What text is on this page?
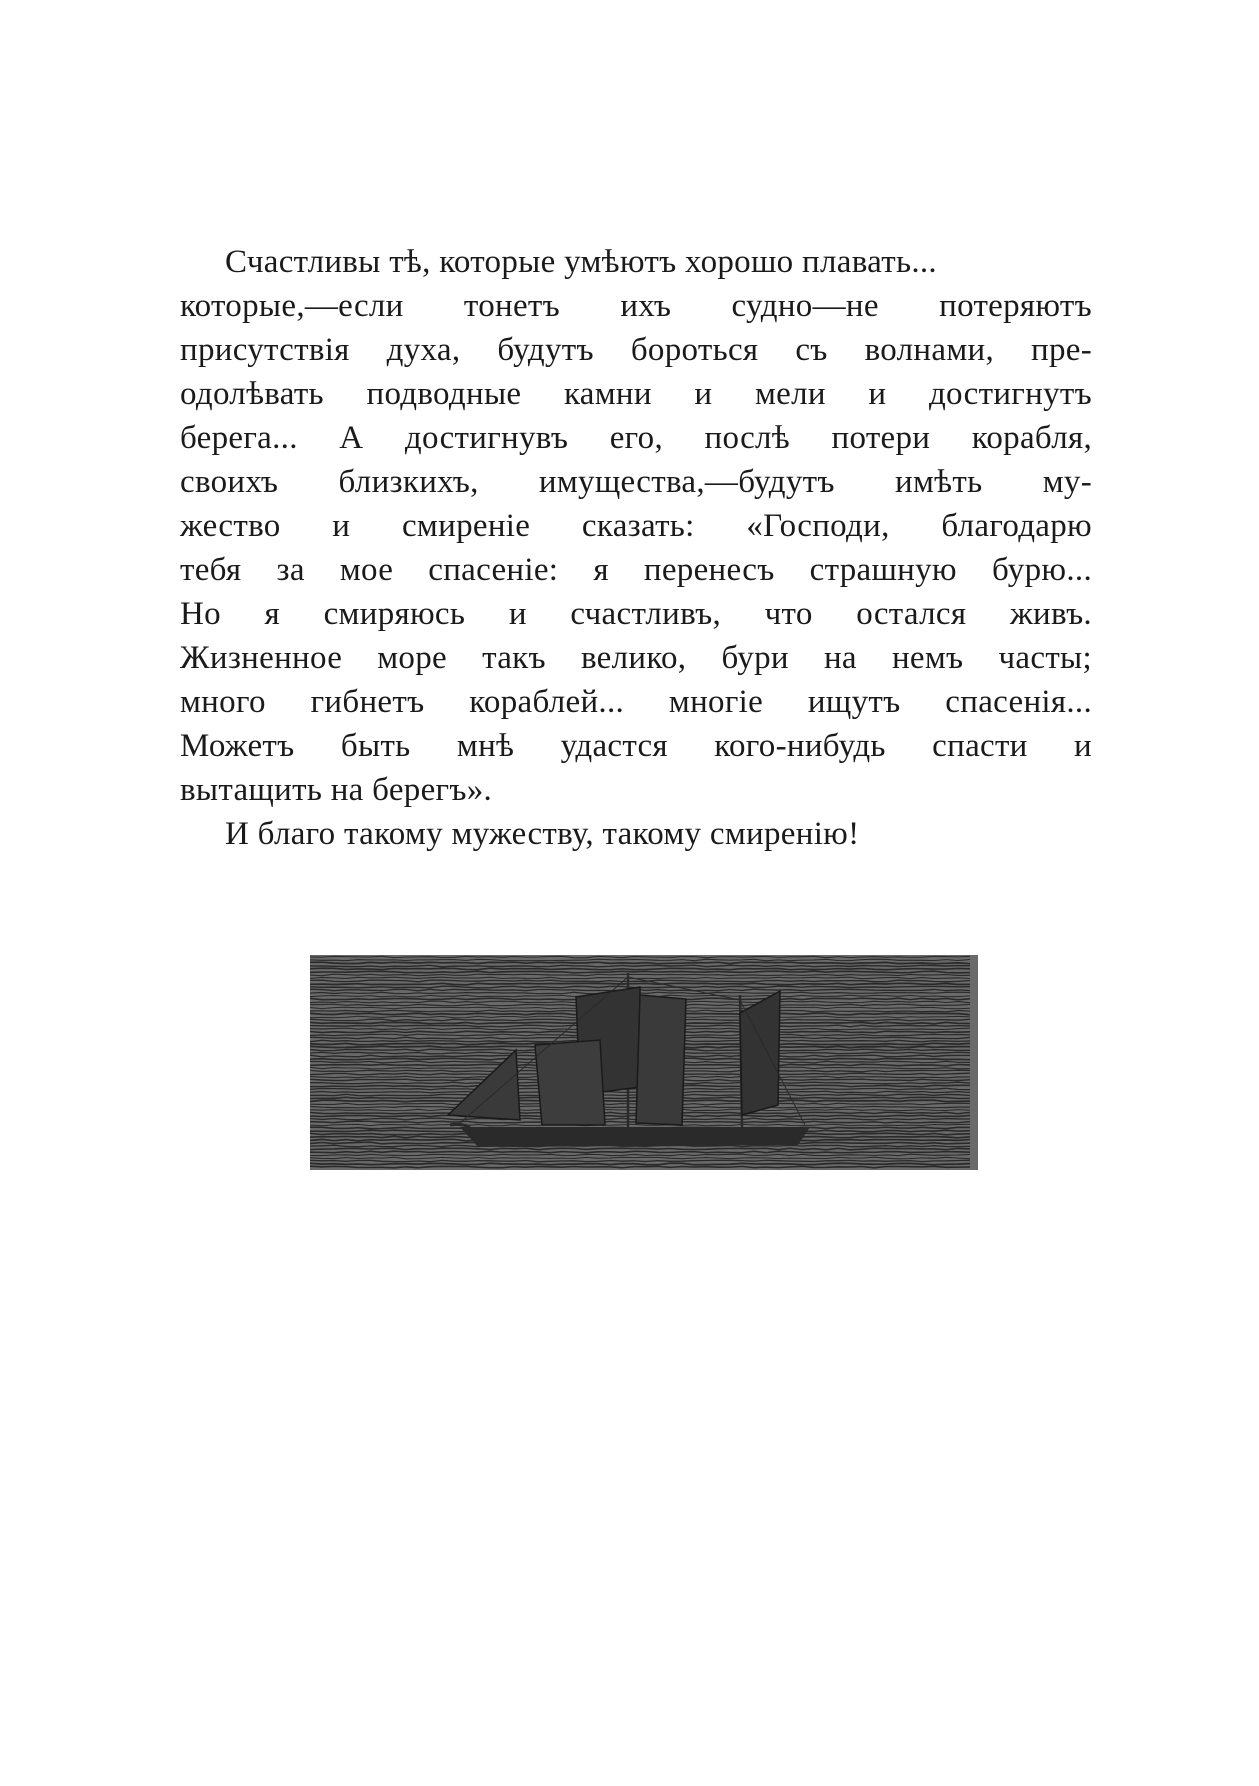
Счастливы тѣ, которые умѣютъ хорошо плавать...
которые,—если тонетъ ихъ судно—не потеряютъ
присутствія духа, будутъ бороться съ волнами, пре-
одолѣвать подводные камни и мели и достигнутъ
берега... А достигнувъ его, послѣ потери корабля,
своихъ близкихъ, имущества,—будутъ имѣть му-
жество и смиреніе сказать: «Господи, благодарю
тебя за мое спасеніе: я перенесъ страшную бурю...
Но я смиряюсь и счастливъ, что остался живъ.
Жизненное море такъ велико, бури на немъ часты;
много гибнетъ кораблей... многіе ищутъ спасенія...
Можетъ быть мнѣ удастся кого-нибудь спасти и
вытащить на берегъ».
И благо такому мужеству, такому смиренію!
